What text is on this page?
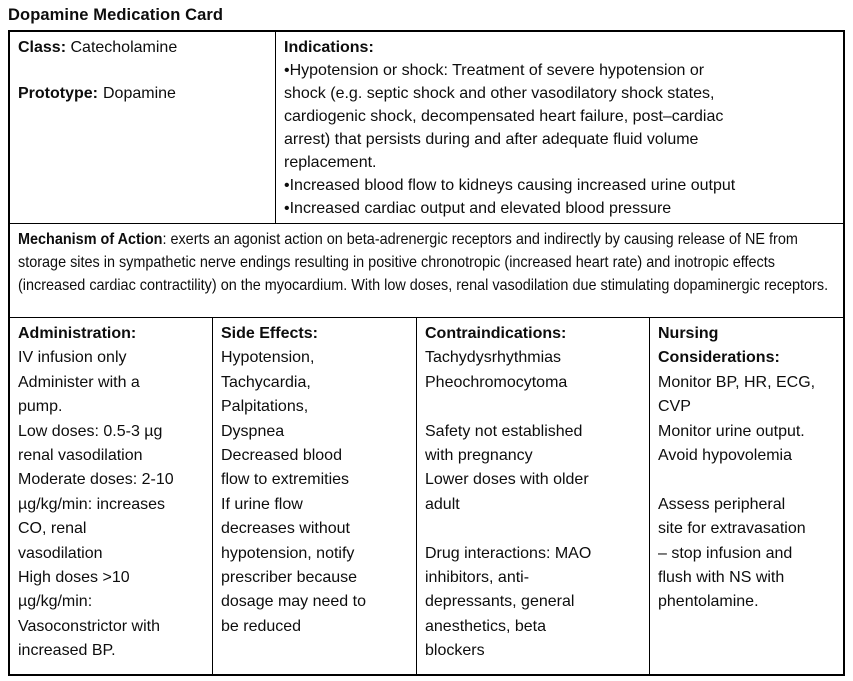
Dopamine Medication Card
Class: Catecholamine

Prototype: Dopamine
Indications:
•Hypotension or shock: Treatment of severe hypotension or
shock (e.g. septic shock and other vasodilatory shock states,
cardiogenic shock, decompensated heart failure, post–cardiac
arrest) that persists during and after adequate fluid volume
replacement.
•Increased blood flow to kidneys causing increased urine output
•Increased cardiac output and elevated blood pressure
Mechanism of Action: exerts an agonist action on beta-adrenergic receptors and indirectly by causing release of NE from storage sites in sympathetic nerve endings resulting in positive chronotropic (increased heart rate) and inotropic effects (increased cardiac contractility) on the myocardium. With low doses, renal vasodilation due stimulating dopaminergic receptors.
Administration:
IV infusion only
Administer with a
pump.
Low doses: 0.5-3 µg
renal vasodilation
Moderate doses: 2-10
µg/kg/min: increases
CO, renal
vasodilation
High doses >10
µg/kg/min:
Vasoconstrictor with
increased BP.
Side Effects:
Hypotension,
Tachycardia,
Palpitations,
Dyspnea
Decreased blood
flow to extremities
If urine flow
decreases without
hypotension, notify
prescriber because
dosage may need to
be reduced
Contraindications:
Tachydysrhythmias
Pheochromocytoma

Safety not established
with pregnancy
Lower doses with older
adult

Drug interactions: MAO
inhibitors, anti-
depressants, general
anesthetics, beta
blockers
Nursing
Considerations:
Monitor BP, HR, ECG,
CVP
Monitor urine output.
Avoid hypovolemia

Assess peripheral
site for extravasation
– stop infusion and
flush with NS with
phentolamine.
